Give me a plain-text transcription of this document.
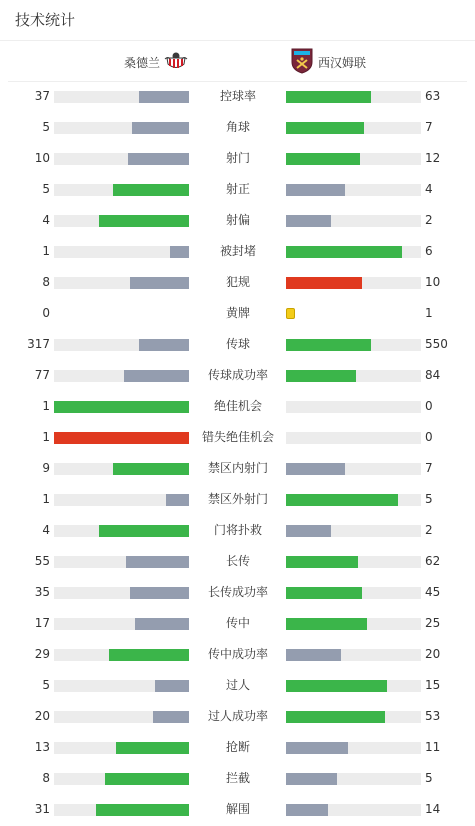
技术统计
桑德兰	西汉姆联
37	控球率	63
5	角球	7
10	射门	12
5	射正	4
4	射偏	2
1	被封堵	6
8	犯规	10
0	黄牌	1
317	传球	550
77	传球成功率	84
1	绝佳机会	0
1	错失绝佳机会	0
9	禁区内射门	7
1	禁区外射门	5
4	门将扑救	2
55	长传	62
35	长传成功率	45
17	传中	25
29	传中成功率	20
5	过人	15
20	过人成功率	53
13	抢断	11
8	拦截	5
31	解围	14
